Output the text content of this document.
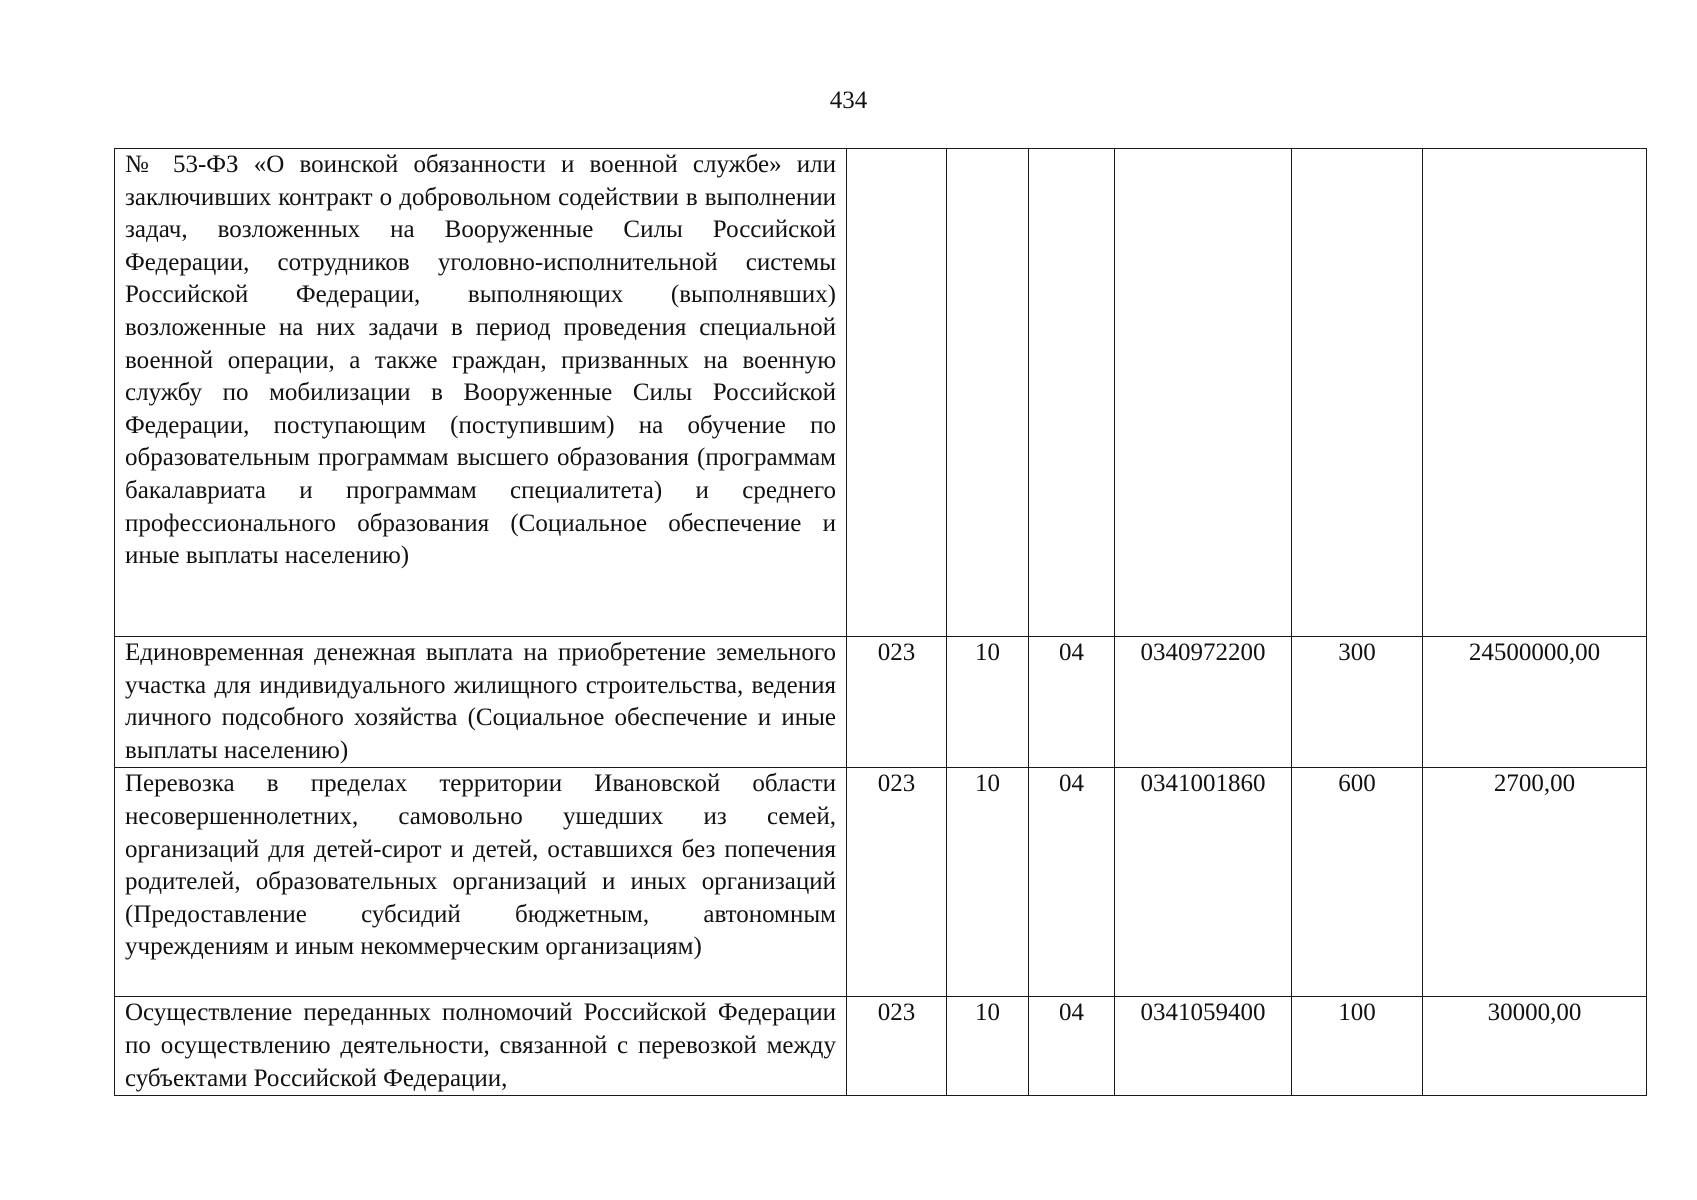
434
№ 53-ФЗ «О воинской обязанности и военной службе» или заключивших контракт о добровольном содействии в выполнении задач, возложенных на Вооруженные Силы Российской Федерации, сотрудников уголовно-исполнительной системы Российской Федерации, выполняющих (выполнявших) возложенные на них задачи в период проведения специальной военной операции, а также граждан, призванных на военную службу по мобилизации в Вооруженные Силы Российской Федерации, поступающим (поступившим) на обучение по образовательным программам высшего образования (программам бакалавриата и программам специалитета) и среднего профессионального образования (Социальное обеспечение и иные выплаты населению)						
Единовременная денежная выплата на приобретение земельного участка для индивидуального жилищного строительства, ведения личного подсобного хозяйства (Социальное обеспечение и иные выплаты населению)	023	10	04	0340972200	300	24500000,00
Перевозка в пределах территории Ивановской области несовершеннолетних, самовольно ушедших из семей, организаций для детей-сирот и детей, оставшихся без попечения родителей, образовательных организаций и иных организаций (Предоставление субсидий бюджетным, автономным учреждениям и иным некоммерческим организациям)	023	10	04	0341001860	600	2700,00
Осуществление переданных полномочий Российской Федерации по осуществлению деятельности, связанной с перевозкой между субъектами Российской Федерации,	023	10	04	0341059400	100	30000,00
